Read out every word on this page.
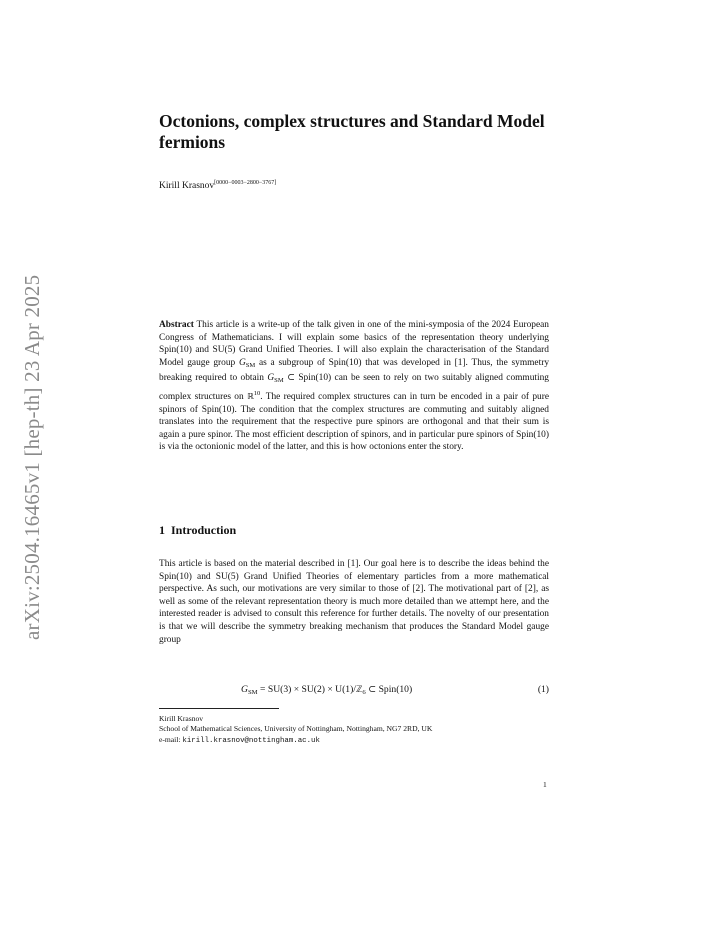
arXiv:2504.16465v1 [hep-th] 23 Apr 2025
Octonions, complex structures and Standard Model fermions
Kirill Krasnov[0000−0003−2800−3767]

Abstract This article is a write-up of the talk given in one of the mini-symposia of the 2024 European Congress of Mathematicians. I will explain some basics of the representation theory underlying Spin(10) and SU(5) Grand Unified Theories. I will also explain the characterisation of the Standard Model gauge group $G_{SM}$ as a subgroup of Spin(10) that was developed in [1]. Thus, the symmetry breaking required to obtain $G_{SM}$ ⊂ Spin(10) can be seen to rely on two suitably aligned commuting complex structures on ℝ$^{10}$. The required complex structures can in turn be encoded in a pair of pure spinors of Spin(10). The condition that the complex structures are commuting and suitably aligned translates into the requirement that the respective pure spinors are orthogonal and that their sum is again a pure spinor. The most efficient description of spinors, and in particular pure spinors of Spin(10) is via the octonionic model of the latter, and this is how octonions enter the story.

1 Introduction

This article is based on the material described in [1]. Our goal here is to describe the ideas behind the Spin(10) and SU(5) Grand Unified Theories of elementary particles from a more mathematical perspective. As such, our motivations are very similar to those of [2]. The motivational part of [2], as well as some of the relevant representation theory is much more detailed than we attempt here, and the interested reader is advised to consult this reference for further details. The novelty of our presentation is that we will describe the symmetry breaking mechanism that produces the Standard Model gauge group

$G_{SM} = SU(3) \times SU(2)$ × U(1)/ℤ$_6$ ⊂ Spin(10)	(1)
Kirill Krasnov
School of Mathematical Sciences, University of Nottingham, Nottingham, NG7 2RD, UK
e-mail: kirill.krasnov@nottingham.ac.uk
1
